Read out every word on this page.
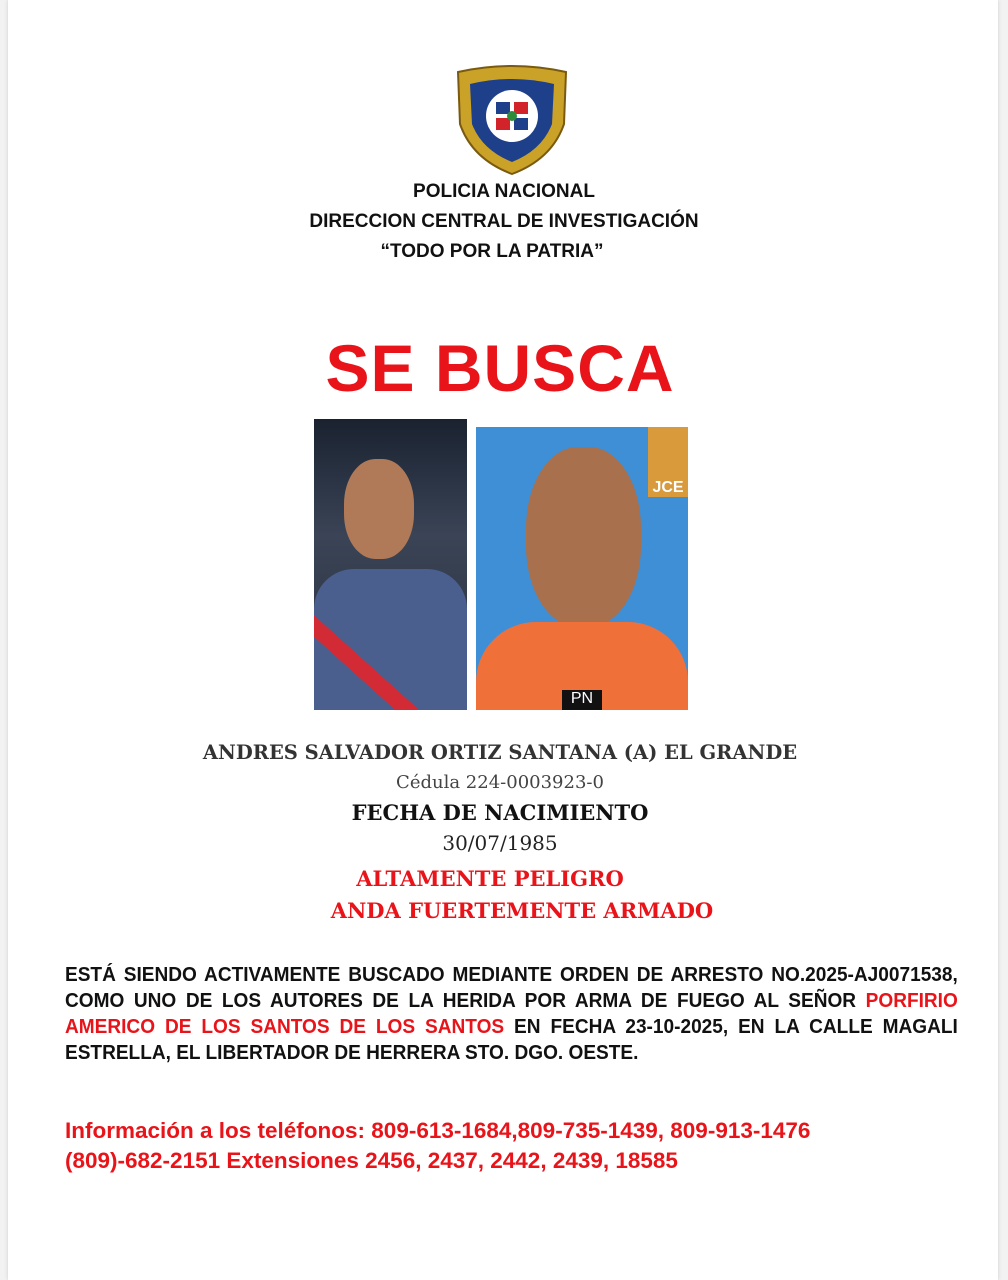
POLICIA NACIONAL
DIRECCION CENTRAL DE INVESTIGACIÓN
“TODO POR LA PATRIA”
SE BUSCA
JCE
PN
ANDRES SALVADOR ORTIZ SANTANA (A) EL GRANDE
Cédula 224-0003923-0
FECHA DE NACIMIENTO
30/07/1985
ALTAMENTE PELIGRO
ANDA FUERTEMENTE ARMADO
ESTÁ SIENDO ACTIVAMENTE BUSCADO MEDIANTE ORDEN DE ARRESTO NO.2025-AJ0071538, COMO UNO DE LOS AUTORES DE LA HERIDA POR ARMA DE FUEGO AL SEÑOR PORFIRIO AMERICO DE LOS SANTOS DE LOS SANTOS EN FECHA 23-10-2025, EN LA CALLE MAGALI ESTRELLA, EL LIBERTADOR DE HERRERA STO. DGO. OESTE.
Información a los teléfonos: 809-613-1684,809-735-1439, 809-913-1476
(809)-682-2151 Extensiones 2456, 2437, 2442, 2439, 18585
